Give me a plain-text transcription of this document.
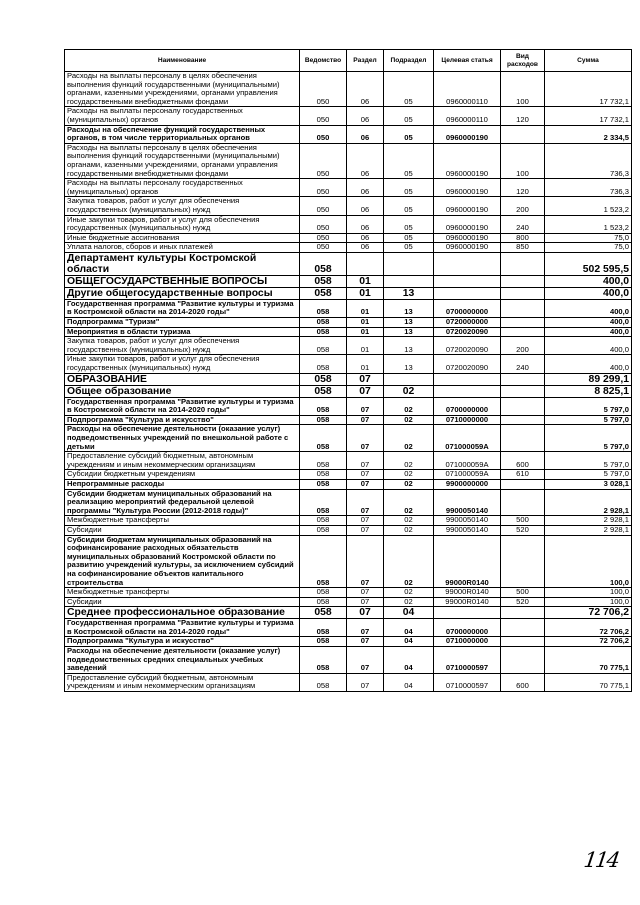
Наименование	Ведомство	Раздел	Подраздел	Целевая статья	Вид расходов	Сумма
Расходы на выплаты персоналу в целях обеспечения выполнения функций государственными (муниципальными) органами, казенными учреждениями, органами управления государственными внебюджетными фондами	050	06	05	0960000110	100	17 732,1
Расходы на выплаты персоналу государственных (муниципальных) органов	050	06	05	0960000110	120	17 732,1
Расходы на обеспечение функций государственных органов, в том числе территориальных органов	050	06	05	0960000190		2 334,5
Расходы на выплаты персоналу в целях обеспечения выполнения функций государственными (муниципальными) органами, казенными учреждениями, органами управления государственными внебюджетными фондами	050	06	05	0960000190	100	736,3
Расходы на выплаты персоналу государственных (муниципальных) органов	050	06	05	0960000190	120	736,3
Закупка товаров, работ и услуг для обеспечения государственных (муниципальных) нужд	050	06	05	0960000190	200	1 523,2
Иные закупки товаров, работ и услуг для обеспечения государственных (муниципальных) нужд	050	06	05	0960000190	240	1 523,2
Иные бюджетные ассигнования	050	06	05	0960000190	800	75,0
Уплата налогов, сборов и иных платежей	050	06	05	0960000190	850	75,0
Департамент культуры Костромской области	058					502 595,5
ОБЩЕГОСУДАРСТВЕННЫЕ ВОПРОСЫ	058	01				400,0
Другие общегосударственные вопросы	058	01	13			400,0
Государственная программа "Развитие культуры и туризма в Костромской области на 2014-2020 годы"	058	01	13	0700000000		400,0
Подпрограмма "Туризм"	058	01	13	0720000000		400,0
Мероприятия в области туризма	058	01	13	0720020090		400,0
Закупка товаров, работ и услуг для обеспечения государственных (муниципальных) нужд	058	01	13	0720020090	200	400,0
Иные закупки товаров, работ и услуг для обеспечения государственных (муниципальных) нужд	058	01	13	0720020090	240	400,0
ОБРАЗОВАНИЕ	058	07				89 299,1
Общее образование	058	07	02			8 825,1
Государственная программа "Развитие культуры и туризма в Костромской области на 2014-2020 годы"	058	07	02	0700000000		5 797,0
Подпрограмма "Культура и искусство"	058	07	02	0710000000		5 797,0
Расходы на обеспечение деятельности (оказание услуг) подведомственных учреждений по внешкольной работе с детьми	058	07	02	071000059А		5 797,0
Предоставление субсидий бюджетным, автономным учреждениям и иным некоммерческим организациям	058	07	02	071000059А	600	5 797,0
Субсидии бюджетным учреждениям	058	07	02	071000059А	610	5 797,0
Непрограммные расходы	058	07	02	9900000000		3 028,1
Субсидии бюджетам муниципальных образований на реализацию мероприятий федеральной целевой программы "Культура России (2012-2018 годы)"	058	07	02	9900050140		2 928,1
Межбюджетные трансферты	058	07	02	9900050140	500	2 928,1
Субсидии	058	07	02	9900050140	520	2 928,1
Субсидии бюджетам муниципальных образований на софинансирование расходных обязательств муниципальных образований Костромской области по развитию учреждений культуры, за исключением субсидий на софинансирование объектов капитального строительства	058	07	02	99000R0140		100,0
Межбюджетные трансферты	058	07	02	99000R0140	500	100,0
Субсидии	058	07	02	99000R0140	520	100,0
Среднее профессиональное образование	058	07	04			72 706,2
Государственная программа "Развитие культуры и туризма в Костромской области на 2014-2020 годы"	058	07	04	0700000000		72 706,2
Подпрограмма "Культура и искусство"	058	07	04	0710000000		72 706,2
Расходы на обеспечение деятельности (оказание услуг) подведомственных средних специальных учебных заведений	058	07	04	0710000597		70 775,1
Предоставление субсидий бюджетным, автономным учреждениям и иным некоммерческим организациям	058	07	04	0710000597	600	70 775,1
114
